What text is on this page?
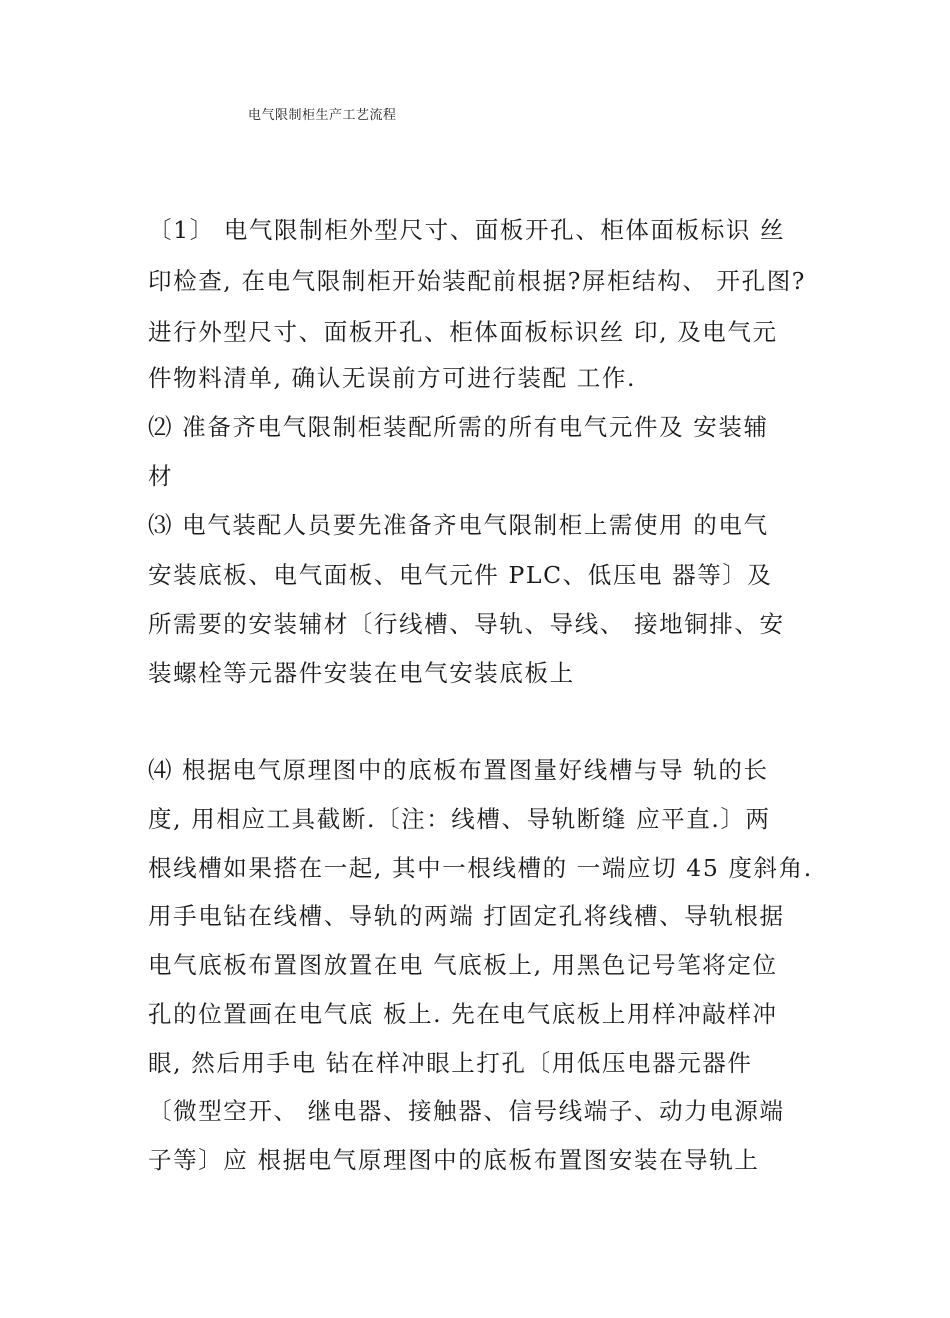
电气限制柜生产工艺流程
〔1〕 电气限制柜外型尺寸、面板开孔、柜体面板标识 丝
印检查, 在电气限制柜开始装配前根据?屏柜结构、 开孔图?
进行外型尺寸、面板开孔、柜体面板标识丝 印, 及电气元
件物料清单, 确认无误前方可进行装配 工作.
⑵ 准备齐电气限制柜装配所需的所有电气元件及 安装辅
材
⑶ 电气装配人员要先准备齐电气限制柜上需使用 的电气
安装底板、电气面板、电气元件 PLC、低压电 器等〕及
所需要的安装辅材〔行线槽、导轨、导线、 接地铜排、安
装螺栓等元器件安装在电气安装底板上
⑷ 根据电气原理图中的底板布置图量好线槽与导 轨的长
度, 用相应工具截断.〔注：线槽、导轨断缝 应平直.〕两
根线槽如果搭在一起, 其中一根线槽的 一端应切 45 度斜角.
用手电钻在线槽、导轨的两端 打固定孔将线槽、导轨根据
电气底板布置图放置在电 气底板上, 用黑色记号笔将定位
孔的位置画在电气底 板上. 先在电气底板上用样冲敲样冲
眼, 然后用手电 钻在样冲眼上打孔〔用低压电器元器件
〔微型空开、 继电器、接触器、信号线端子、动力电源端
子等〕应 根据电气原理图中的底板布置图安装在导轨上
